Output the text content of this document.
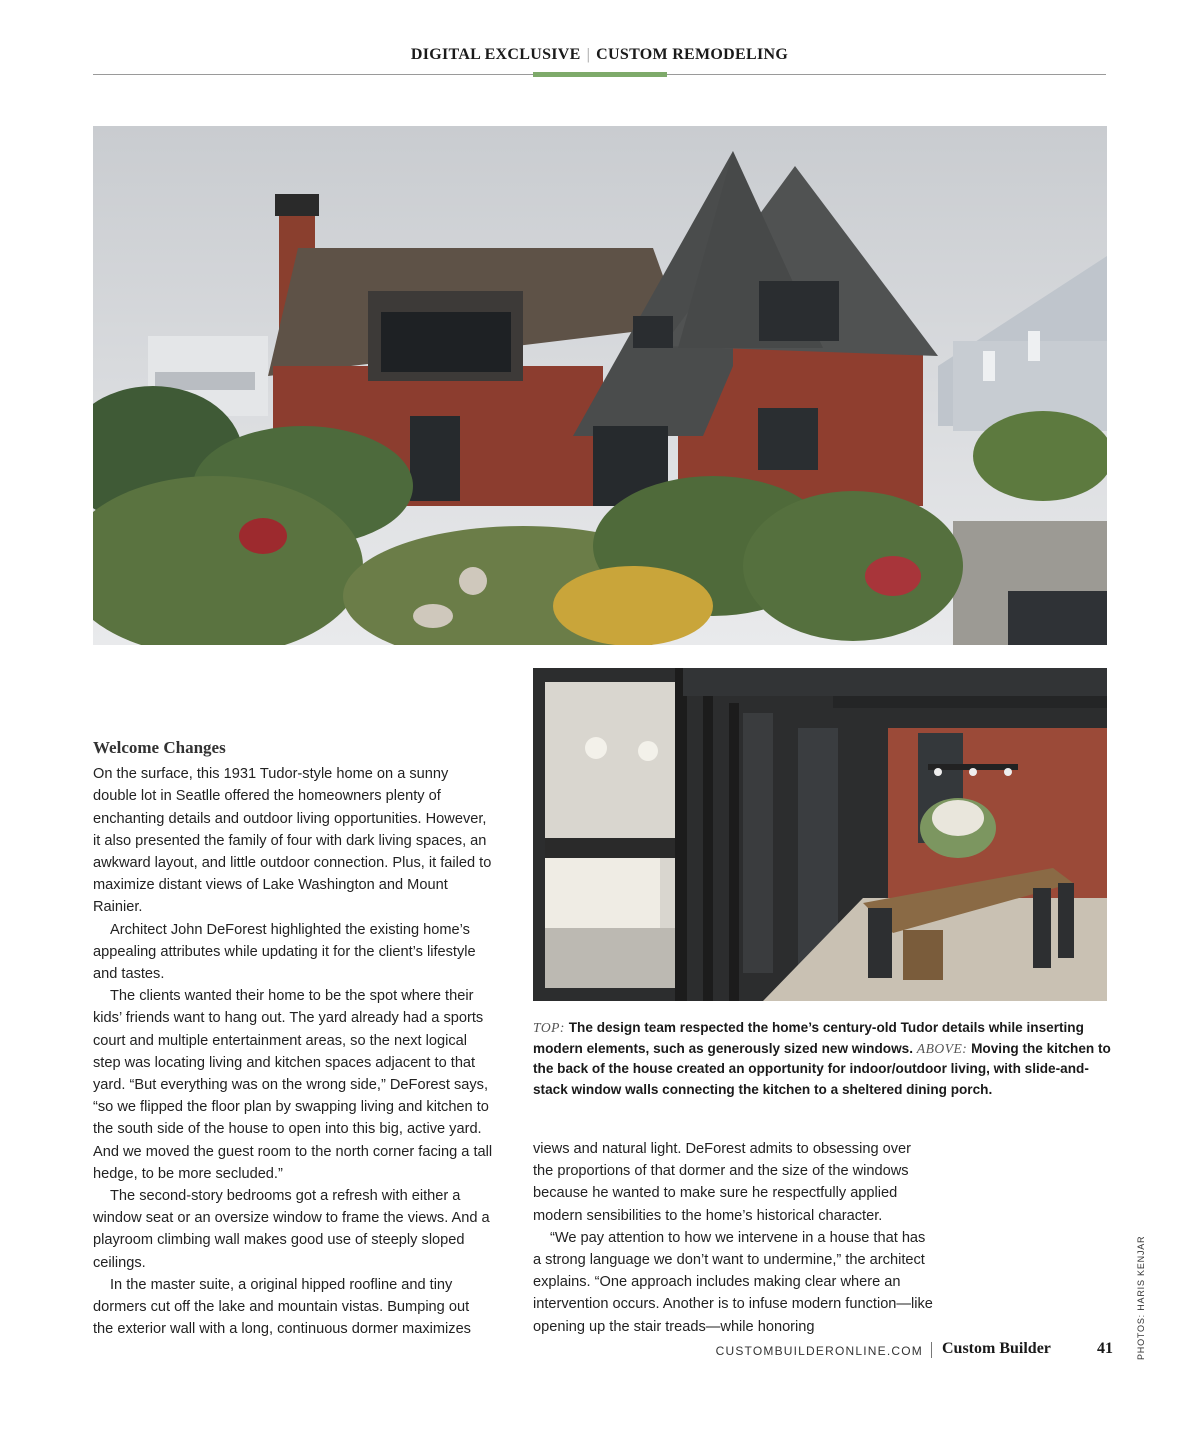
DIGITAL EXCLUSIVE | CUSTOM REMODELING
Welcome Changes

On the surface, this 1931 Tudor-style home on a sunny double lot in Seatlle offered the homeowners plenty of enchanting details and outdoor living opportunities. However, it also presented the family of four with dark living spaces, an awkward layout, and little outdoor connection. Plus, it failed to maximize distant views of Lake Washington and Mount Rainier.

Architect John DeForest highlighted the existing home’s appealing attributes while updating it for the client’s lifestyle and tastes.

The clients wanted their home to be the spot where their kids’ friends want to hang out. The yard already had a sports court and multiple entertainment areas, so the next logical step was locating living and kitchen spaces adjacent to that yard. “But everything was on the wrong side,” DeForest says, “so we flipped the floor plan by swapping living and kitchen to the south side of the house to open into this big, active yard. And we moved the guest room to the north corner facing a tall hedge, to be more secluded.”

The second-story bedrooms got a refresh with either a window seat or an oversize window to frame the views. And a playroom climbing wall makes good use of steeply sloped ceilings.

In the master suite, a original hipped roofline and tiny dormers cut off the lake and mountain vistas. Bumping out the exterior wall with a long, continuous dormer maximizes

TOP: The design team respected the home’s century-old Tudor details while inserting modern elements, such as generously sized new windows. ABOVE: Moving the kitchen to the back of the house created an opportunity for indoor/outdoor living, with slide-and-stack window walls connecting the kitchen to a sheltered dining porch.

views and natural light. DeForest admits to obsessing over the proportions of that dormer and the size of the windows because he wanted to make sure he respectfully applied modern sensibilities to the home’s historical character.

“We pay attention to how we intervene in a house that has a strong language we don’t want to undermine,” the architect explains. “One approach includes making clear where an intervention occurs. Another is to infuse modern function—like opening up the stair treads—while honoring	PHOTOS: HARIS KENJAR
CUSTOMBUILDERONLINE.COM Custom Builder	41
